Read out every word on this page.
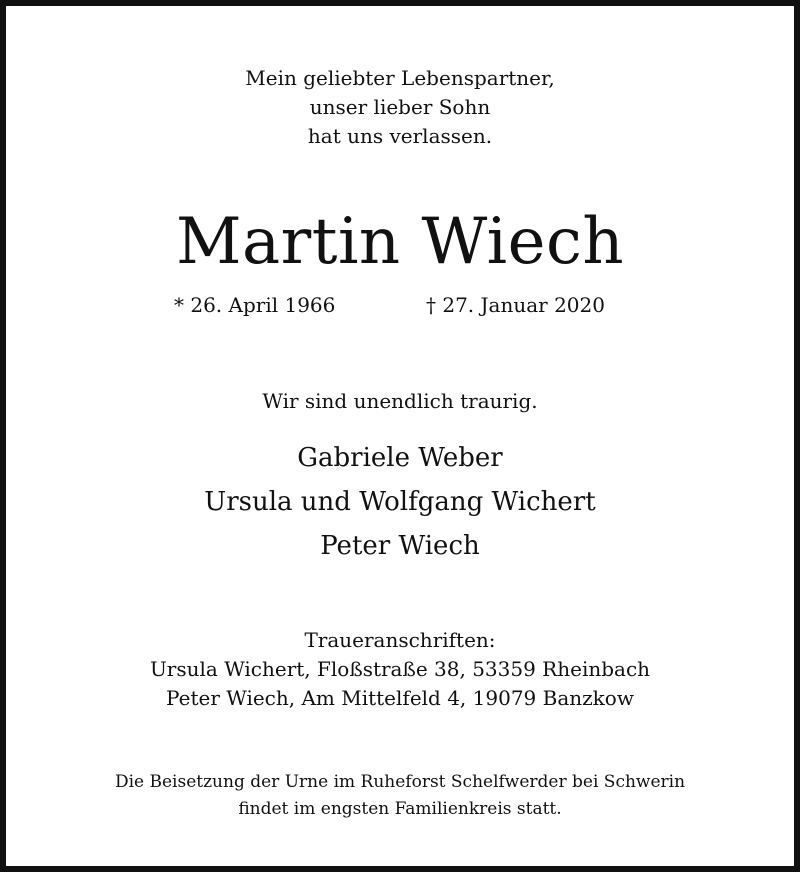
Mein geliebter Lebenspartner,
unser lieber Sohn
hat uns verlassen.
Martin Wiech
* 26. April 1966	† 27. Januar 2020
Wir sind unendlich traurig.
Gabriele Weber
Ursula und Wolfgang Wichert
Peter Wiech
Traueranschriften:
Ursula Wichert, Floßstraße 38, 53359 Rheinbach
Peter Wiech, Am Mittelfeld 4, 19079 Banzkow
Die Beisetzung der Urne im Ruheforst Schelfwerder bei Schwerin
findet im engsten Familienkreis statt.
